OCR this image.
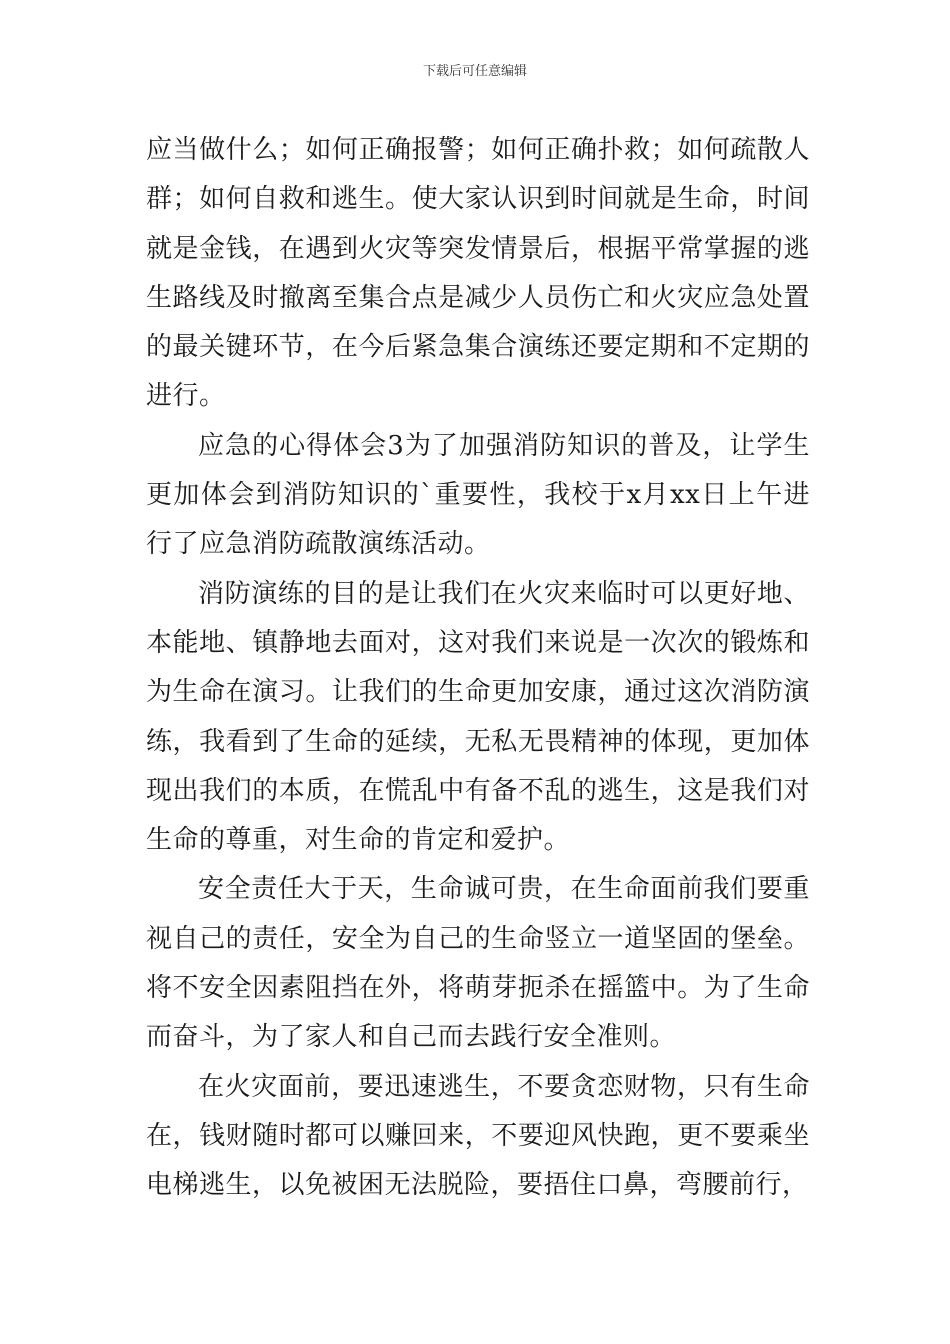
下载后可任意编辑

应当做什么；如何正确报警；如何正确扑救；如何疏散人群；如何自救和逃生。使大家认识到时间就是生命，时间就是金钱，在遇到火灾等突发情景后，根据平常掌握的逃生路线及时撤离至集合点是减少人员伤亡和火灾应急处置的最关键环节，在今后紧急集合演练还要定期和不定期的进行。

应急的心得体会3为了加强消防知识的普及，让学生更加体会到消防知识的`重要性，我校于x月xx日上午进行了应急消防疏散演练活动。

消防演练的目的是让我们在火灾来临时可以更好地、本能地、镇静地去面对，这对我们来说是一次次的锻炼和为生命在演习。让我们的生命更加安康，通过这次消防演练，我看到了生命的延续，无私无畏精神的体现，更加体现出我们的本质，在慌乱中有备不乱的逃生，这是我们对生命的尊重，对生命的肯定和爱护。

安全责任大于天，生命诚可贵，在生命面前我们要重视自己的责任，安全为自己的生命竖立一道坚固的堡垒。将不安全因素阻挡在外，将萌芽扼杀在摇篮中。为了生命而奋斗，为了家人和自己而去践行安全准则。

在火灾面前，要迅速逃生，不要贪恋财物，只有生命在，钱财随时都可以赚回来，不要迎风快跑，更不要乘坐电梯逃生，以免被困无法脱险，要捂住口鼻，弯腰前行，
